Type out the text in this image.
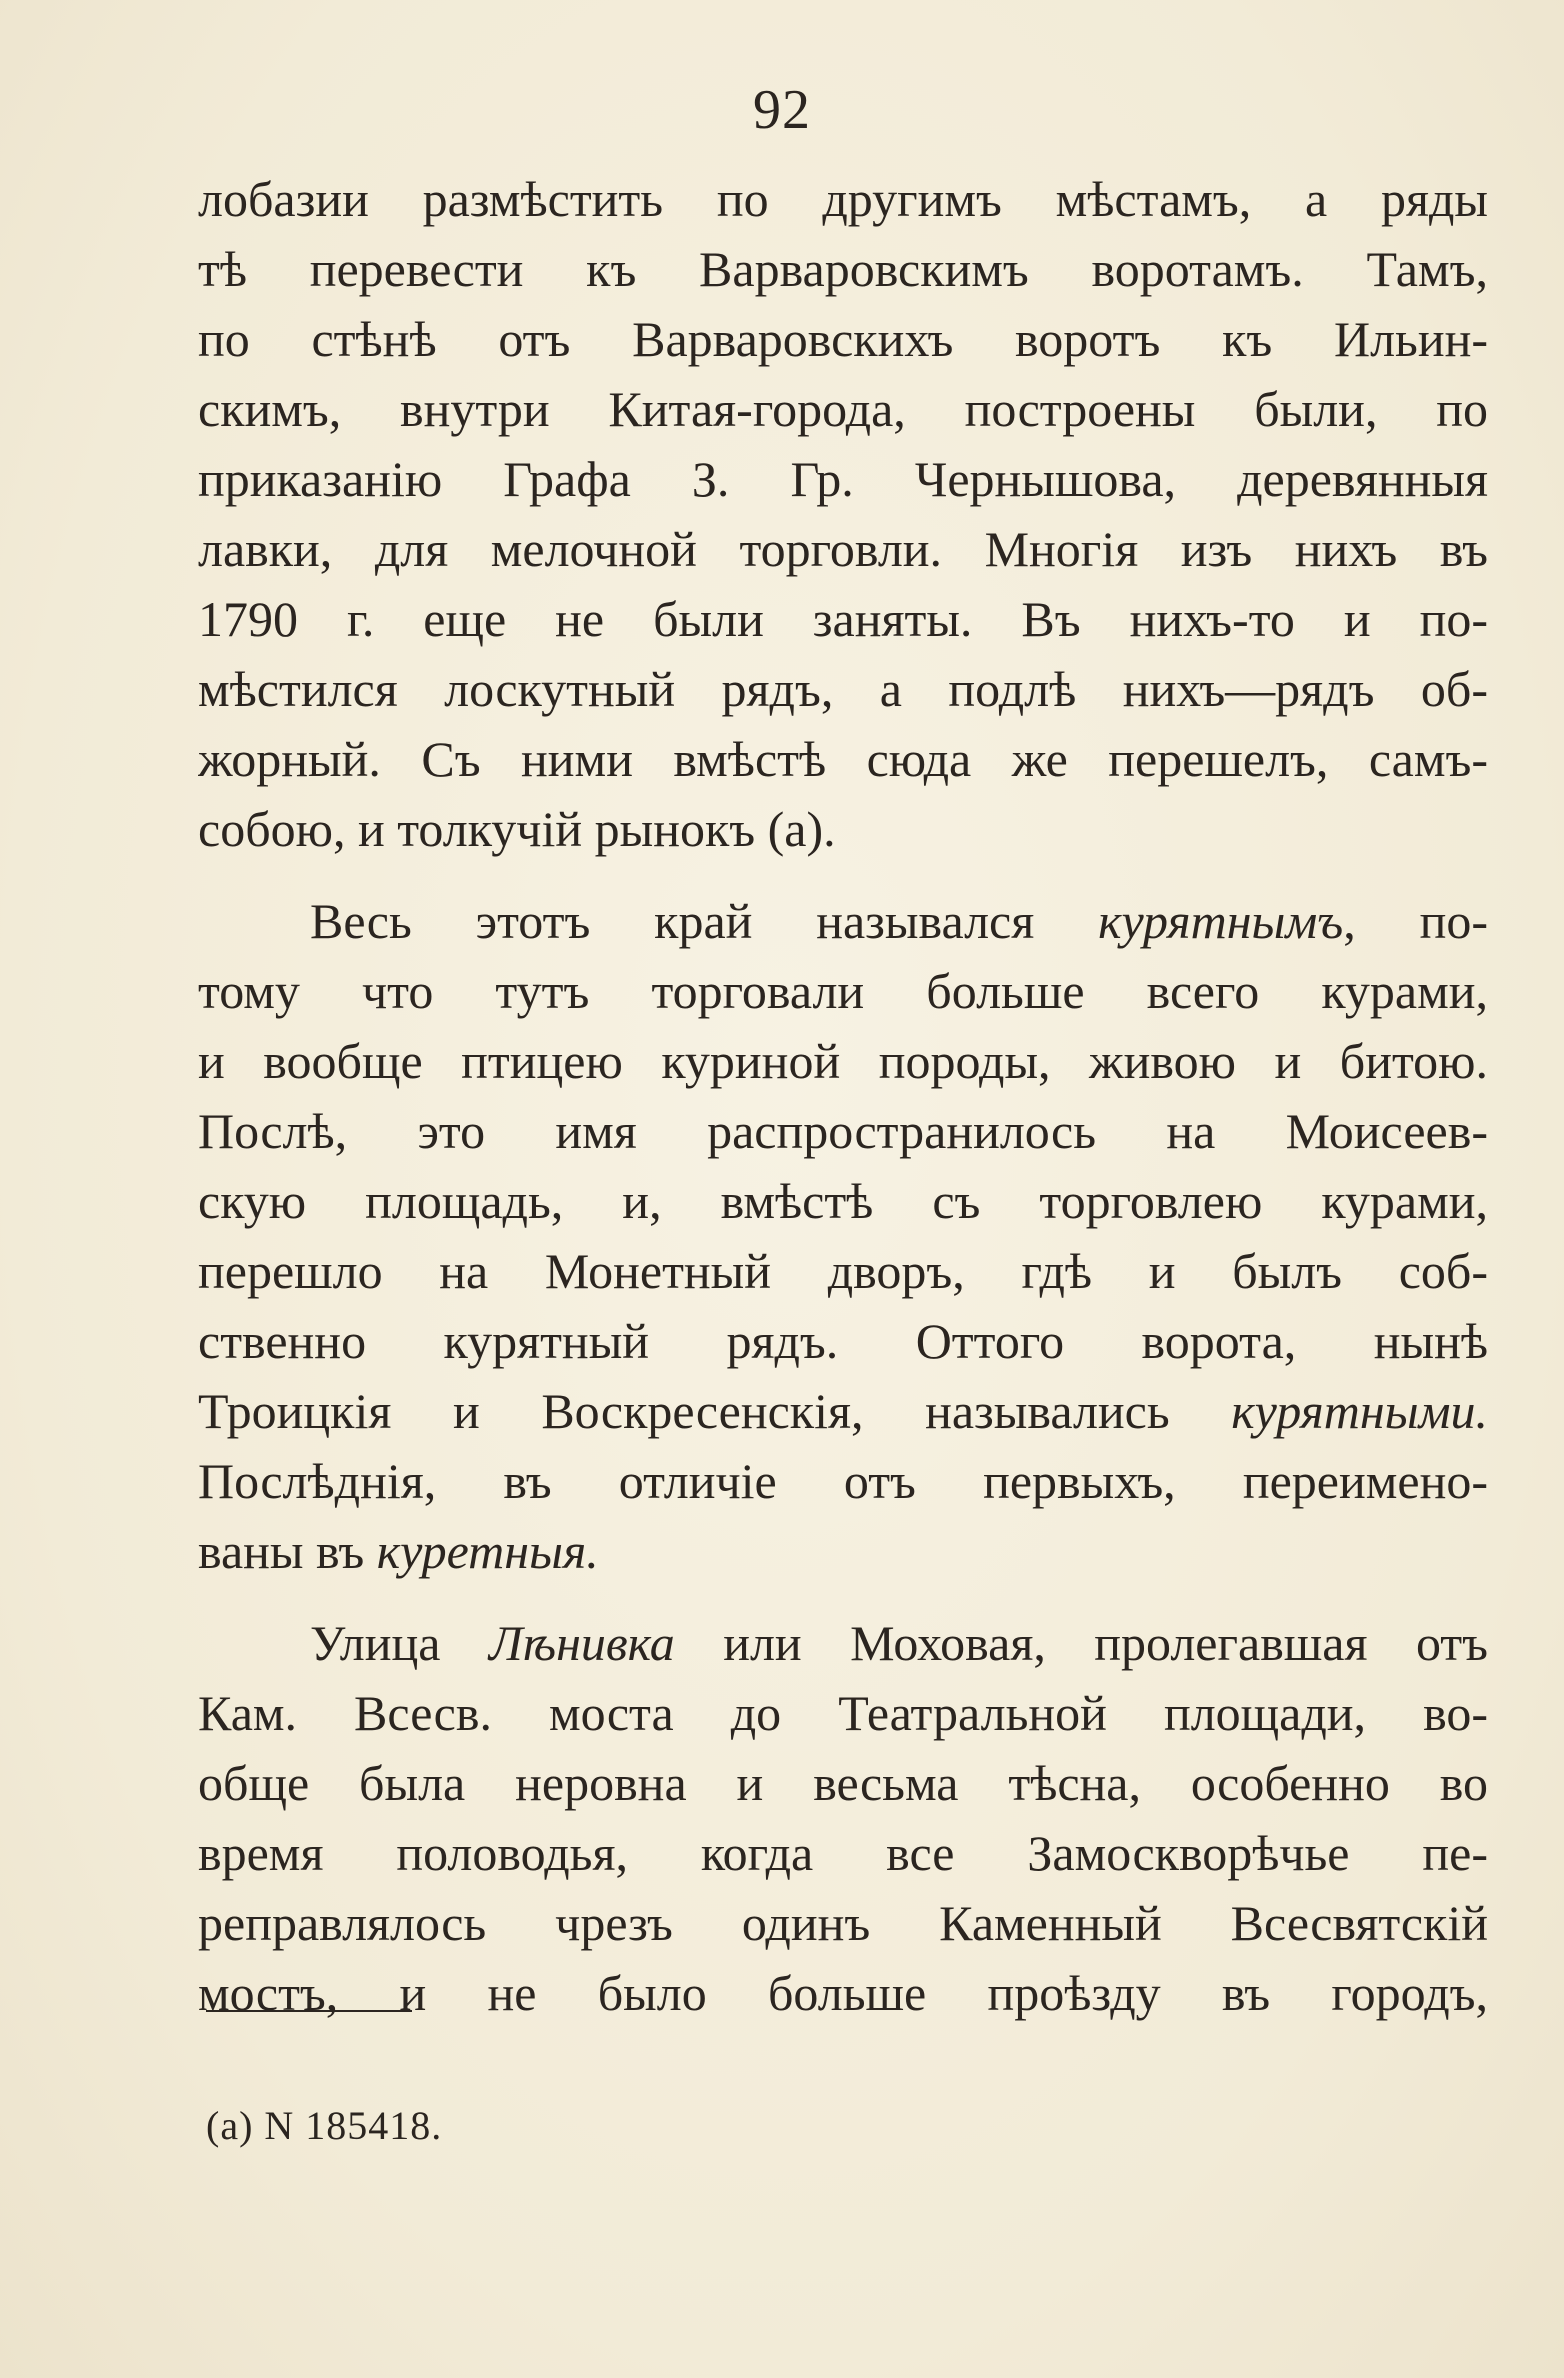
92
лобазии размѣстить по другимъ мѣстамъ, а ряды
тѣ перевести къ Варваровскимъ воротамъ. Тамъ,
по стѣнѣ отъ Варваровскихъ воротъ къ Ильин-
скимъ, внутри Китая-города, построены были, по
приказанію Графа З. Гр. Чернышова, деревянныя
лавки, для мелочной торговли. Многія изъ нихъ въ
1790 г. еще не были заняты. Въ нихъ-то и по-
мѣстился лоскутный рядъ, а подлѣ нихъ—рядъ об-
жорный. Съ ними вмѣстѣ сюда же перешелъ, самъ-
собою, и толкучій рынокъ (а).
Весь этотъ край назывался курятнымъ, по-
тому что тутъ торговали больше всего курами,
и вообще птицею куриной породы, живою и битою.
Послѣ, это имя распространилось на Моисеев-
скую площадь, и, вмѣстѣ съ торговлею курами,
перешло на Монетный дворъ, гдѣ и былъ соб-
ственно курятный рядъ. Оттого ворота, нынѣ
Троицкія и Воскресенскія, назывались курятными.
Послѣднія, въ отличіе отъ первыхъ, переимено-
ваны въ куретныя.
Улица Лѣнивка или Моховая, пролегавшая отъ
Кам. Всесв. моста до Театральной площади, во-
обще была неровна и весьма тѣсна, особенно во
время половодья, когда все Замоскворѣчье пе-
реправлялось чрезъ одинъ Каменный Всесвятскій
мостъ, и не было больше проѣзду въ городъ,
(а) N 185418.
